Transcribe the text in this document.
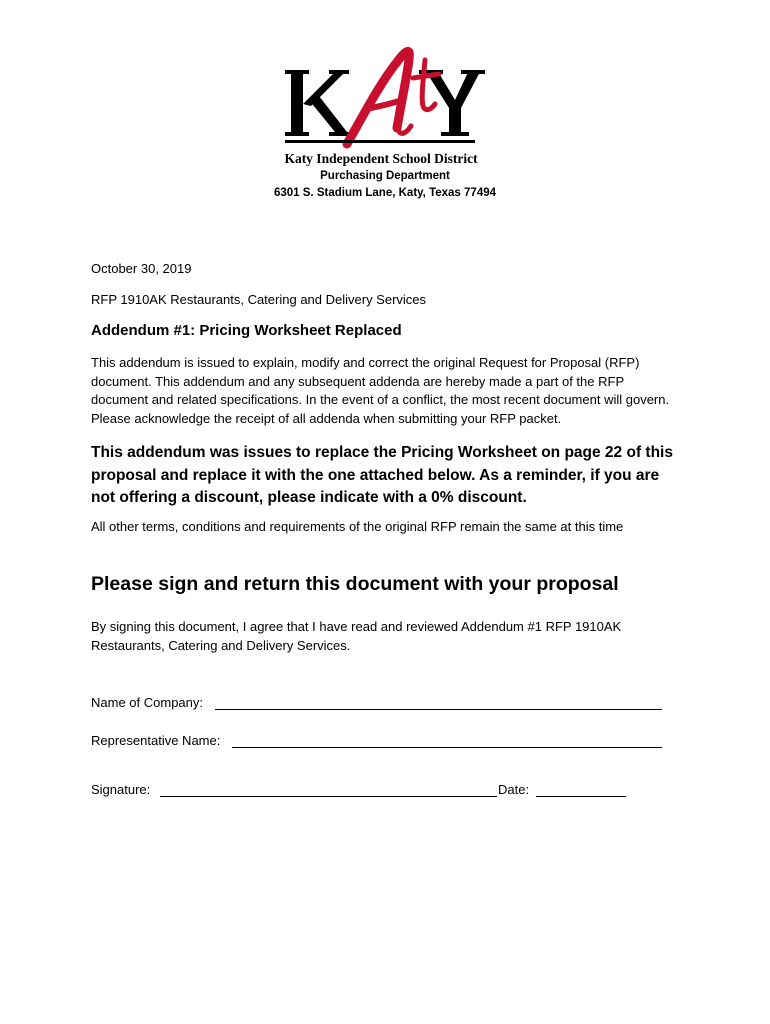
Katy Independent School District
Purchasing Department
6301 S. Stadium Lane, Katy, Texas 77494
October 30, 2019
RFP 1910AK Restaurants, Catering and Delivery Services
Addendum #1: Pricing Worksheet Replaced
This addendum is issued to explain, modify and correct the original Request for Proposal (RFP) document. This addendum and any subsequent addenda are hereby made a part of the RFP document and related specifications. In the event of a conflict, the most recent document will govern. Please acknowledge the receipt of all addenda when submitting your RFP packet.
This addendum was issues to replace the Pricing Worksheet on page 22 of this proposal and replace it with the one attached below. As a reminder, if you are not offering a discount, please indicate with a 0% discount.
All other terms, conditions and requirements of the original RFP remain the same at this time
Please sign and return this document with your proposal
By signing this document, I agree that I have read and reviewed Addendum #1 RFP 1910AK Restaurants, Catering and Delivery Services.
Name of Company:
Representative Name:
Signature:	Date:
